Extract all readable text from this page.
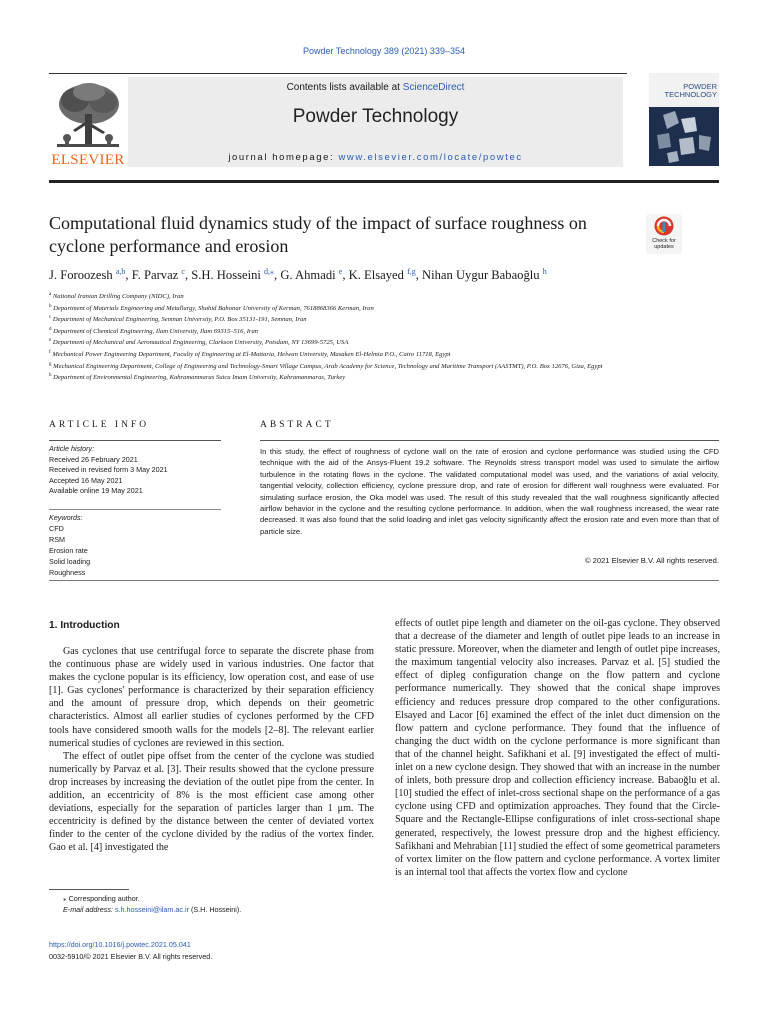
Powder Technology 389 (2021) 339–354
Contents lists available at ScienceDirect
Powder Technology
journal homepage: www.elsevier.com/locate/powtec
ELSEVIER
POWDER
TECHNOLOGY
Computational fluid dynamics study of the impact of surface roughness on cyclone performance and erosion	Check for
updates
J. Foroozesh $^{a,b}$, F. Parvaz $^c$, S.H. Hosseini $^{d,⁎}$, G. Ahmadi $^e$, K. Elsayed $^{f,g}$, Nihan Uygur Babaoğlu $^h$
$^a$ National Iranian Drilling Company (NIDC), Iran
$^b$ Department of Materials Engineering and Metallurgy, Shahid Bahonar University of Kerman, 7618868366 Kerman, Iran
$^c$ Department of Mechanical Engineering, Semnan University, P.O. Box 35131-191, Semnan, Iran
$^d$ Department of Chemical Engineering, Ilam University, Ilam 69315–516, Iran
$^e$ Department of Mechanical and Aeronautical Engineering, Clarkson University, Potsdam, NY 13699-5725, USA
$^f$ Mechanical Power Engineering Department, Faculty of Engineering at El-Mattaria, Helwan University, Masaken El-Helmia P.O., Cairo 11718, Egypt
$^g$ Mechanical Engineering Department, College of Engineering and Technology-Smart Village Campus, Arab Academy for Science, Technology and Maritime Transport (AASTMT), P.O. Box 12676, Giza, Egypt
$^h$ Department of Environmental Engineering, Kahramanmaras Sutcu Imam University, Kahramanmaras, Turkey
ARTICLE INFO	ABSTRACT
Article history:
Received 26 February 2021
Received in revised form 3 May 2021
Accepted 16 May 2021
Available online 19 May 2021
Keywords:
CFD
RSM
Erosion rate
Solid loading
Roughness
In this study, the effect of roughness of cyclone wall on the rate of erosion and cyclone performance was studied using the CFD technique with the aid of the Ansys-Fluent 19.2 software. The Reynolds stress transport model was used to simulate the airflow turbulence in the rotating flows in the cyclone. The validated computational model was used, and the variations of axial velocity, tangential velocity, collection efficiency, cyclone pressure drop, and rate of erosion for different wall roughness were evaluated. For simulating surface erosion, the Oka model was used. The result of this study revealed that the wall roughness significantly affected airflow behavior in the cyclone and the resulting cyclone performance. In addition, when the wall roughness increased, the wear rate decreased. It was also found that the solid loading and inlet gas velocity significantly affect the erosion rate and even more than that of particle size.
© 2021 Elsevier B.V. All rights reserved.
1. Introduction

Gas cyclones that use centrifugal force to separate the discrete phase from the continuous phase are widely used in various industries. One factor that makes the cyclone popular is its efficiency, low operation cost, and ease of use [1]. Gas cyclones' performance is characterized by their separation efficiency and the amount of pressure drop, which depends on their geometric characteristics. Almost all earlier studies of cyclones performed by the CFD tools have considered smooth walls for the models [2–8]. The relevant earlier numerical studies of cyclones are reviewed in this section.

The effect of outlet pipe offset from the center of the cyclone was studied numerically by Parvaz et al. [3]. Their results showed that the cyclone pressure drop increases by increasing the deviation of the outlet pipe from the center. In addition, an eccentricity of 8% is the most efficient case among other deviations, especially for the separation of particles larger than 1 μm. The eccentricity is defined by the distance between the center of deviated vortex finder to the center of the cyclone divided by the radius of the vortex finder. Gao et al. [4] investigated the

effects of outlet pipe length and diameter on the oil-gas cyclone. They observed that a decrease of the diameter and length of outlet pipe leads to an increase in static pressure. Moreover, when the diameter and length of outlet pipe increases, the maximum tangential velocity also increases. Parvaz et al. [5] studied the effect of dipleg configuration change on the flow pattern and cyclone performance numerically. They showed that the conical shape improves efficiency and reduces pressure drop compared to the other configurations. Elsayed and Lacor [6] examined the effect of the inlet duct dimension on the flow pattern and cyclone performance. They found that the influence of changing the duct width on the cyclone performance is more significant than that of the channel height. Safikhani et al. [9] investigated the effect of multi-inlet on a new cyclone design. They showed that with an increase in the number of inlets, both pressure drop and collection efficiency increase. Babaoğlu et al. [10] studied the effect of inlet-cross sectional shape on the performance of a gas cyclone using CFD and optimization approaches. They found that the Circle-Square and the Rectangle-Ellipse configurations of inlet cross-sectional shape generated, respectively, the lowest pressure drop and the highest efficiency. Safikhani and Mehrabian [11] studied the effect of some geometrical parameters of vortex limiter on the flow pattern and cyclone performance. A vortex limiter is an internal tool that affects the vortex flow and cyclone

⁎ Corresponding author.
E-mail address: s.h.hosseini@ilam.ac.ir (S.H. Hosseini).
https://doi.org/10.1016/j.powtec.2021.05.041
0032-5910/© 2021 Elsevier B.V. All rights reserved.
